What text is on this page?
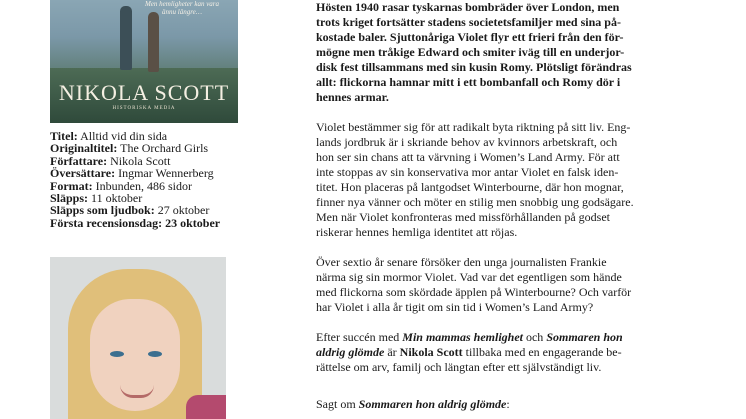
Men hemligheter kan vara
ännu längre…
NIKOLA SCOTT
HISTORISKA MEDIA
Titel: Alltid vid din sida
Originaltitel: The Orchard Girls
Författare: Nikola Scott
Översättare: Ingmar Wennerberg
Format: Inbunden, 486 sidor
Släpps: 11 oktober
Släpps som ljudbok: 27 oktober
Första recensionsdag: 23 oktober

Hösten 1940 rasar tyskarnas bombräder över London, men
trots kriget fortsätter stadens societetsfamiljer med sina på-
kostade baler. Sjuttonåriga Violet flyr ett frieri från den för-
mögne men tråkige Edward och smiter iväg till en underjor-
disk fest tillsammans med sin kusin Romy. Plötsligt förändras
allt: flickorna hamnar mitt i ett bombanfall och Romy dör i
hennes armar.

Violet bestämmer sig för att radikalt byta riktning på sitt liv. Eng-
lands jordbruk är i skriande behov av kvinnors arbetskraft, och
hon ser sin chans att ta värvning i Women’s Land Army. För att
inte stoppas av sin konservativa mor antar Violet en falsk iden-
titet. Hon placeras på lantgodset Winterbourne, där hon mognar,
finner nya vänner och möter en stilig men snobbig ung godsägare.
Men när Violet konfronteras med missförhållanden på godset
riskerar hennes hemliga identitet att röjas.

Över sextio år senare försöker den unga journalisten Frankie
närma sig sin mormor Violet. Vad var det egentligen som hände
med flickorna som skördade äpplen på Winterbourne? Och varför
har Violet i alla år tigit om sin tid i Women’s Land Army?

Efter succén med Min mammas hemlighet och Sommaren hon
aldrig glömde är Nikola Scott tillbaka med en engagerande be-
rättelse om arv, familj och längtan efter ett självständigt liv.

Sagt om Sommaren hon aldrig glömde:
